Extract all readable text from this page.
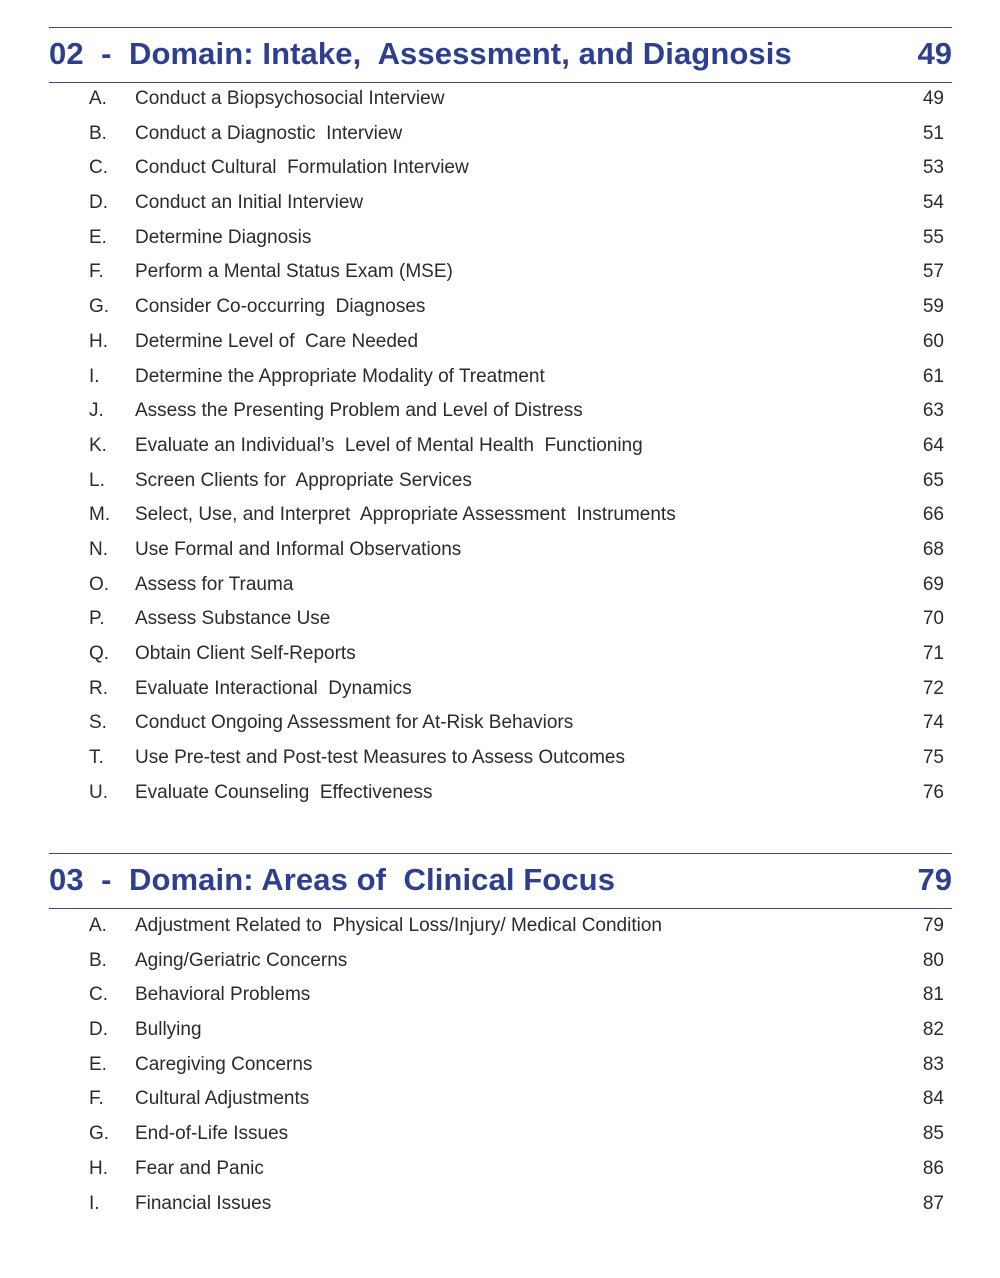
02  -  Domain: Intake,  Assessment, and Diagnosis	49
A. Conduct a Biopsychosocial Interview	49
B. Conduct a Diagnostic  Interview	51
C. Conduct Cultural  Formulation Interview	53
D. Conduct an Initial Interview	54
E. Determine Diagnosis	55
F. Perform a Mental Status Exam (MSE)	57
G. Consider Co-occurring  Diagnoses	59
H. Determine Level of  Care Needed	60
I. Determine the Appropriate Modality of Treatment	61
J. Assess the Presenting Problem and Level of Distress	63
K. Evaluate an Individual’s  Level of Mental Health  Functioning	64
L. Screen Clients for  Appropriate Services	65
M. Select, Use, and Interpret  Appropriate Assessment  Instruments	66
N. Use Formal and Informal Observations	68
O. Assess for Trauma	69
P. Assess Substance Use	70
Q. Obtain Client Self-Reports	71
R. Evaluate Interactional  Dynamics	72
S. Conduct Ongoing Assessment for At-Risk Behaviors	74
T. Use Pre-test and Post-test Measures to Assess Outcomes	75
U. Evaluate Counseling  Effectiveness	76
03  -  Domain: Areas of  Clinical Focus	79
A. Adjustment Related to  Physical Loss/Injury/ Medical Condition	79
B. Aging/Geriatric Concerns	80
C. Behavioral Problems	81
D. Bullying	82
E. Caregiving Concerns	83
F. Cultural Adjustments	84
G. End-of-Life Issues	85
H. Fear and Panic	86
I. Financial Issues	87
